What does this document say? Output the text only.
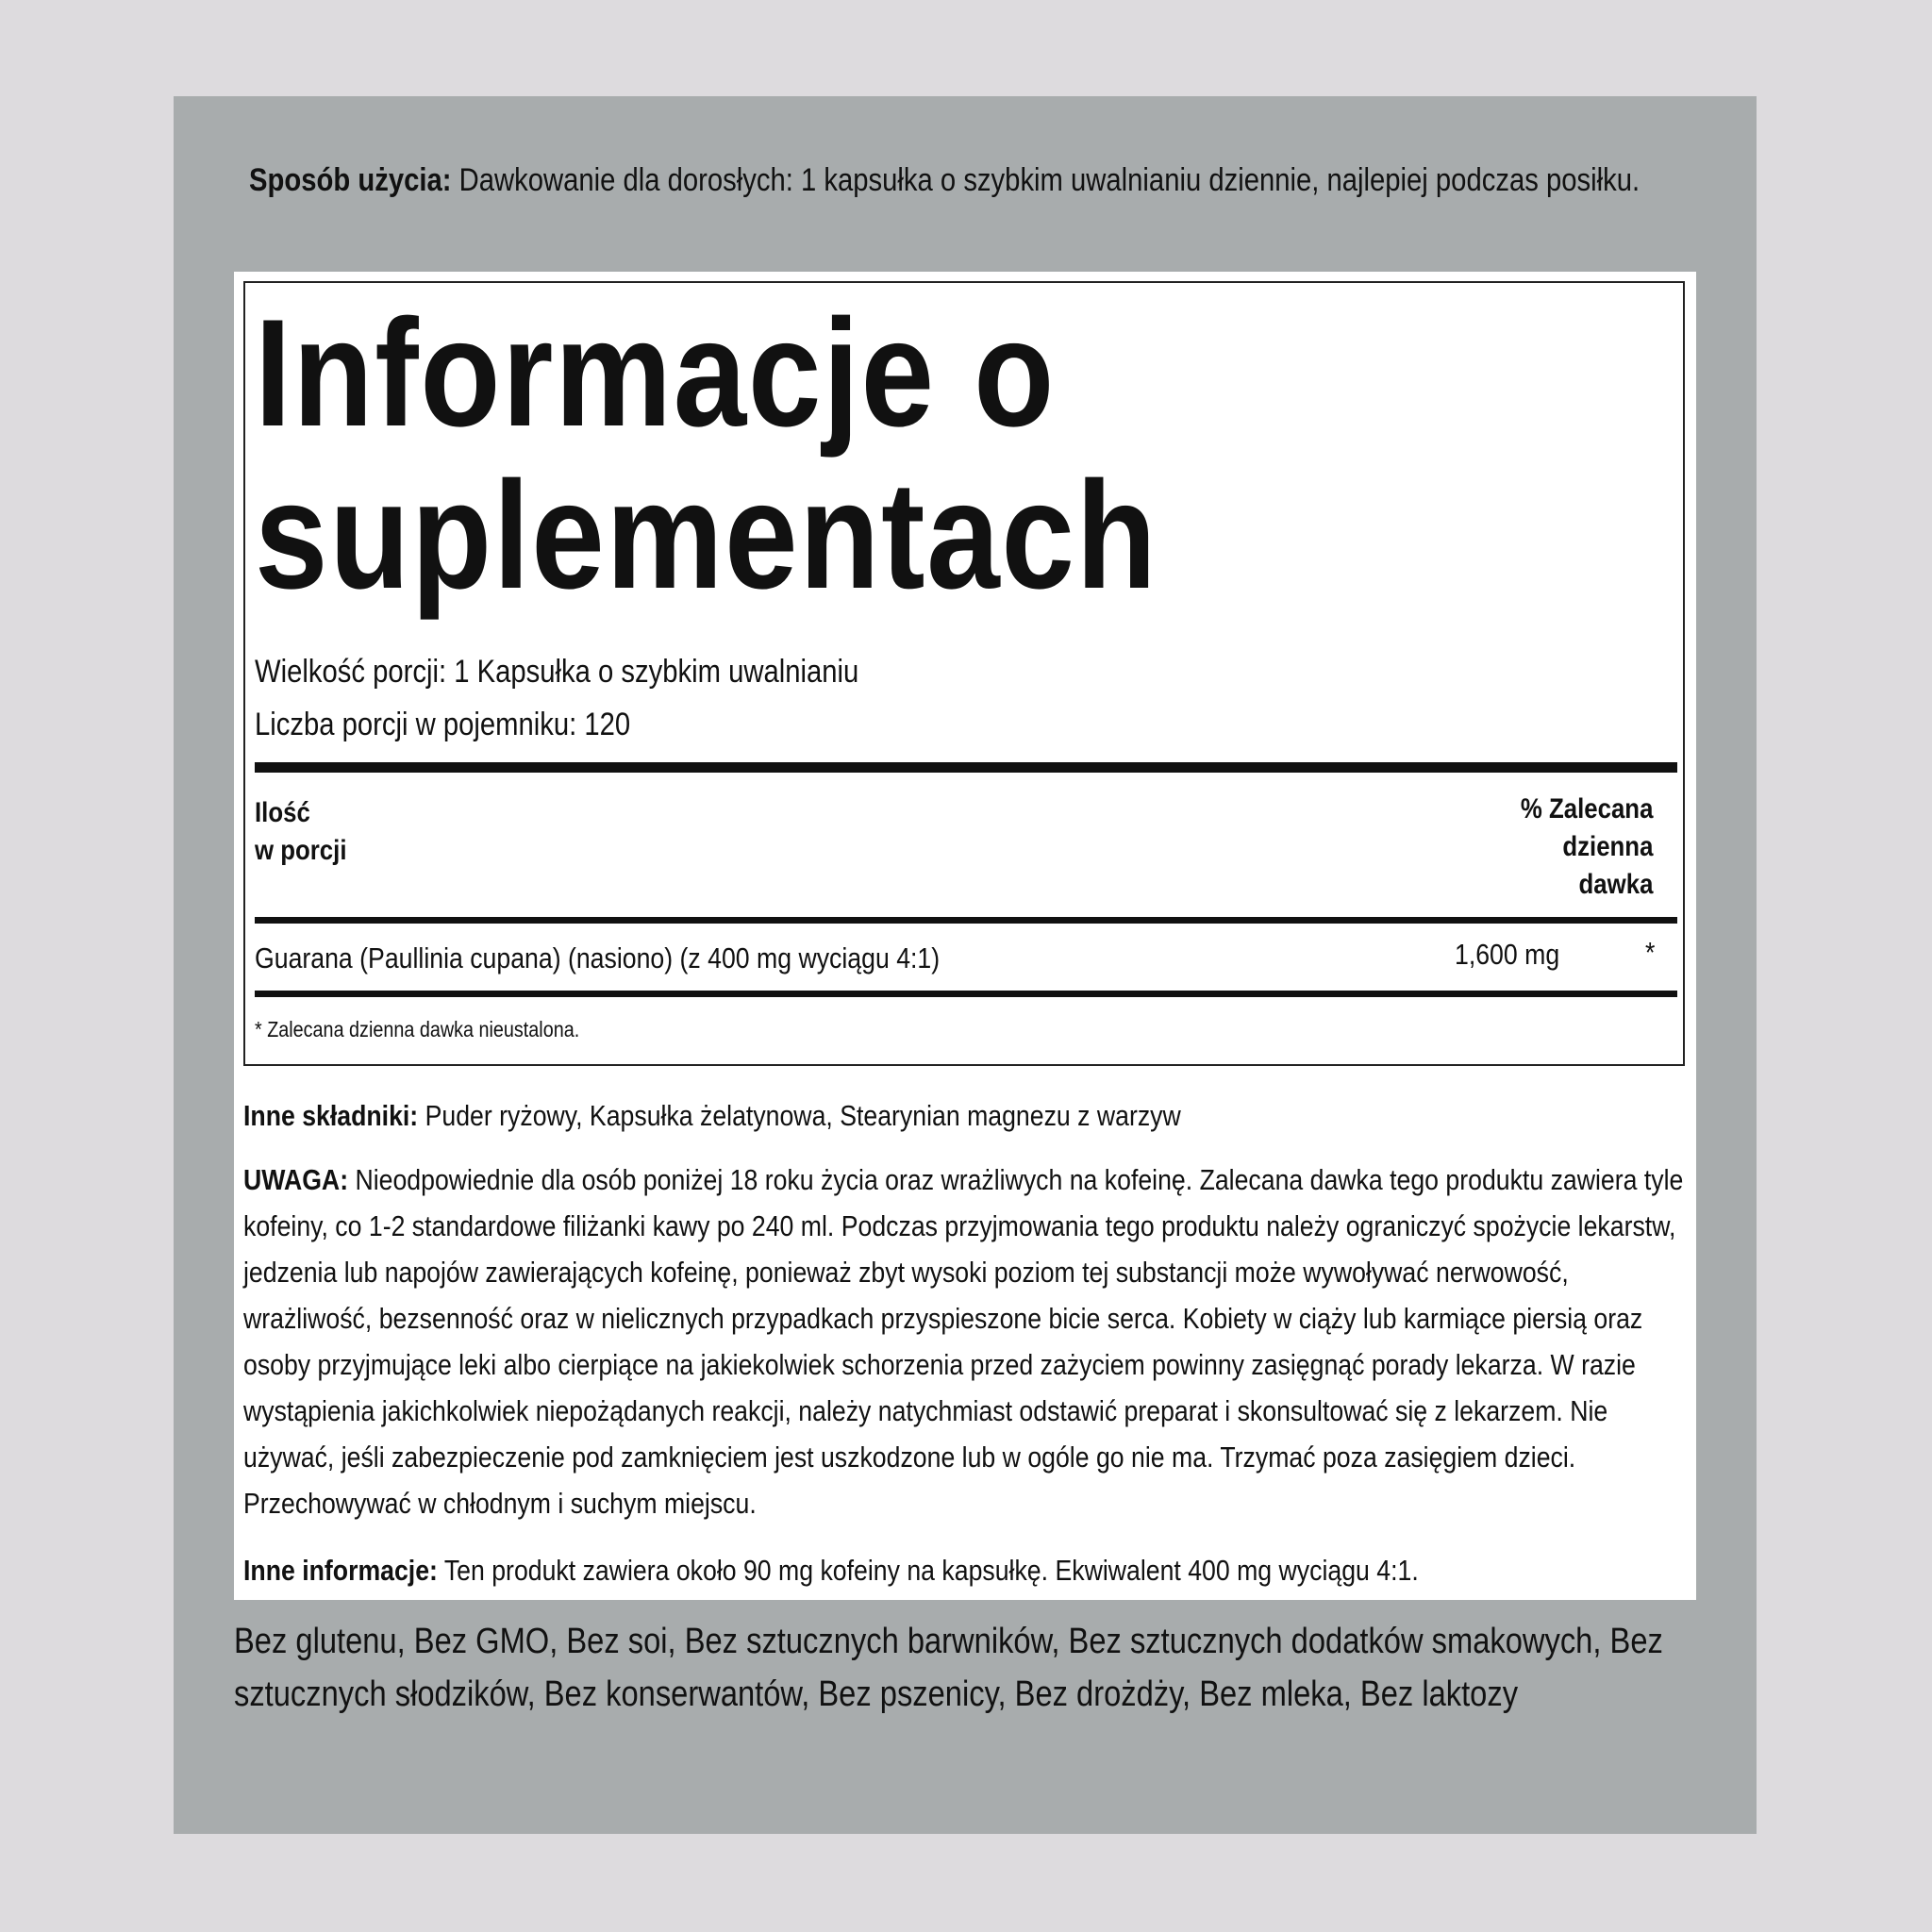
Sposób użycia: Dawkowanie dla dorosłych: 1 kapsułka o szybkim uwalnianiu dziennie, najlepiej podczas posiłku.
Informacje o
suplementach
Wielkość porcji: 1 Kapsułka o szybkim uwalnianiu
Liczba porcji w pojemniku: 120
Ilość
w porcji
% Zalecana
dzienna
dawka
Guarana (Paullinia cupana) (nasiono) (z 400 mg wyciągu 4:1)	1,600 mg	*
* Zalecana dzienna dawka nieustalona.
Inne składniki: Puder ryżowy, Kapsułka żelatynowa, Stearynian magnezu z warzyw
UWAGA: Nieodpowiednie dla osób poniżej 18 roku życia oraz wrażliwych na kofeinę. Zalecana dawka tego produktu zawiera tyle kofeiny, co 1-2 standardowe filiżanki kawy po 240 ml. Podczas przyjmowania tego produktu należy ograniczyć spożycie lekarstw, jedzenia lub napojów zawierających kofeinę, ponieważ zbyt wysoki poziom tej substancji może wywoływać nerwowość, wrażliwość, bezsenność oraz w nielicznych przypadkach przyspieszone bicie serca. Kobiety w ciąży lub karmiące piersią oraz osoby przyjmujące leki albo cierpiące na jakiekolwiek schorzenia przed zażyciem powinny zasięgnąć porady lekarza. W razie wystąpienia jakichkolwiek niepożądanych reakcji, należy natychmiast odstawić preparat i skonsultować się z lekarzem. Nie używać, jeśli zabezpieczenie pod zamknięciem jest uszkodzone lub w ogóle go nie ma. Trzymać poza zasięgiem dzieci. Przechowywać w chłodnym i suchym miejscu.
Inne informacje: Ten produkt zawiera około 90 mg kofeiny na kapsułkę. Ekwiwalent 400 mg wyciągu 4:1.
Bez glutenu, Bez GMO, Bez soi, Bez sztucznych barwników, Bez sztucznych dodatków smakowych, Bez sztucznych słodzików, Bez konserwantów, Bez pszenicy, Bez drożdży, Bez mleka, Bez laktozy
